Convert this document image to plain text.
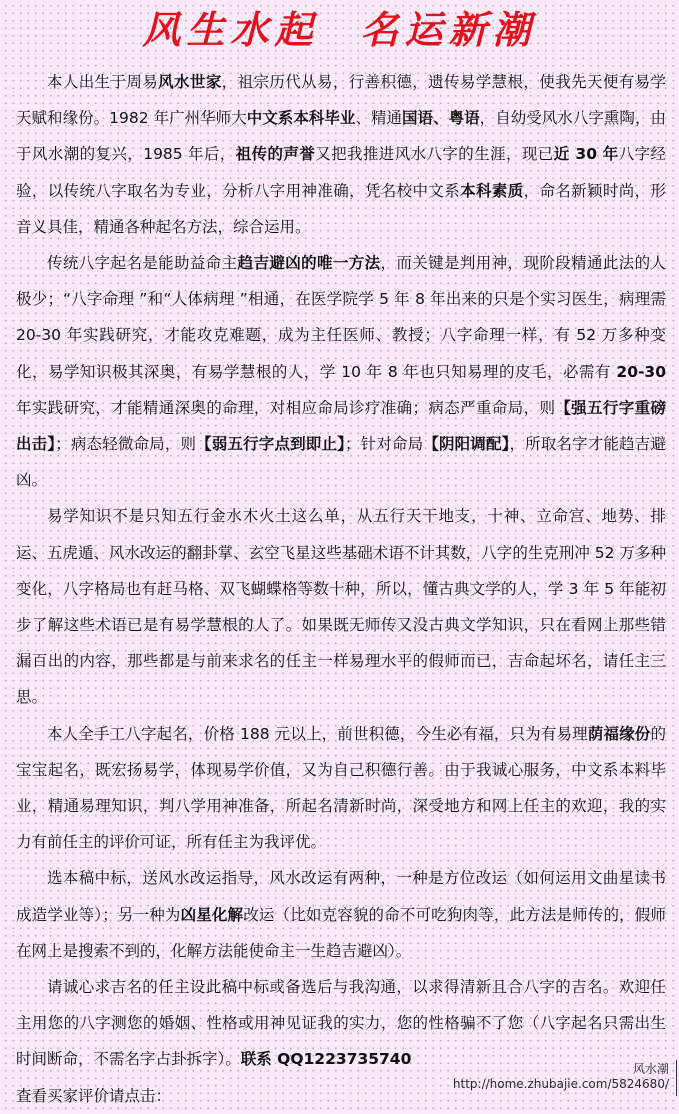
风生水起 名运新潮

本人出生于周易风水世家，祖宗历代从易，行善积德，遗传易学慧根，使我先天便有易学天赋和缘份。1982 年广州华师大中文系本科毕业、精通国语、粤语，自幼受风水八字熏陶，由于风水潮的复兴，1985 年后，祖传的声誉又把我推进风水八字的生涯，现已近 30 年八字经验，以传统八字取名为专业，分析八字用神准确，凭名校中文系本科素质，命名新颖时尚，形音义具佳，精通各种起名方法，综合运用。

传统八字起名是能助益命主趋吉避凶的唯一方法，而关键是判用神，现阶段精通此法的人极少；“八字命理 ”和“人体病理 ”相通，在医学院学 5 年 8 年出来的只是个实习医生，病理需 20-30 年实践研究，才能攻克难题，成为主任医师、教授；八字命理一样，有 52 万多种变化，易学知识极其深奥，有易学慧根的人，学 10 年 8 年也只知易理的皮毛，必需有 20-30 年实践研究，才能精通深奥的命理，对相应命局诊疗准确；病态严重命局，则【强五行字重磅出击】；病态轻微命局，则【弱五行字点到即止】；针对命局【阴阳调配】，所取名字才能趋吉避凶。

易学知识不是只知五行金水木火土这么单，从五行天干地支，十神、立命宫、地势、排运、五虎遁、风水改运的翻卦掌、玄空飞星这些基础术语不计其数，八字的生克刑冲 52 万多种变化，八字格局也有赶马格、双飞蝴蝶格等数十种，所以，懂古典文学的人，学 3 年 5 年能初步了解这些术语已是有易学慧根的人了。如果既无师传又没古典文学知识，只在看网上那些错漏百出的内容，那些都是与前来求名的任主一样易理水平的假师而已，吉命起坏名，请任主三思。

本人全手工八字起名，价格 188 元以上，前世积德，今生必有福，只为有易理荫福缘份的宝宝起名，既宏扬易学，体现易学价值，又为自己积德行善。由于我诚心服务，中文系本料毕业，精通易理知识，判八学用神准备，所起名清新时尚，深受地方和网上任主的欢迎，我的实力有前任主的评价可证，所有任主为我评优。

选本稿中标，送风水改运指导，风水改运有两种，一种是方位改运（如何运用文曲星读书成造学业等）；另一种为凶星化解改运（比如克容貌的命不可吃狗肉等，此方法是师传的，假师在网上是搜索不到的，化解方法能使命主一生趋吉避凶）。

请诚心求吉名的任主设此稿中标或备选后与我沟通，以求得清新且合八字的吉名。欢迎任主用您的八字测您的婚姻、性格或用神见证我的实力，您的性格骗不了您（八字起名只需出生时间断命，不需名字占卦拆字）。联系 QQ1223735740

查看买家评价请点击：

风水潮
http://home.zhubajie.com/5824680/
